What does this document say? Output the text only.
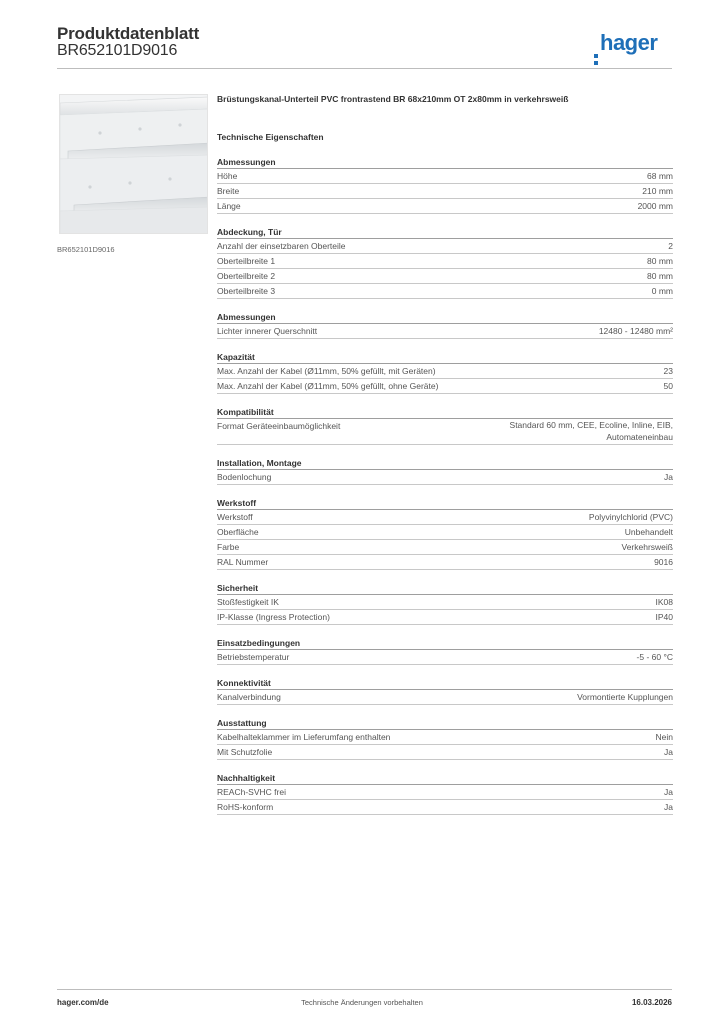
Produktdatenblatt
BR652101D9016	hager
BR652101D9016
Brüstungskanal-Unterteil PVC frontrastend BR 68x210mm OT 2x80mm in verkehrsweiß
Technische Eigenschaften
Abmessungen
Höhe	68 mm
Breite	210 mm
Länge	2000 mm
Abdeckung, Tür
Anzahl der einsetzbaren Oberteile	2
Oberteilbreite 1	80 mm
Oberteilbreite 2	80 mm
Oberteilbreite 3	0 mm
Abmessungen
Lichter innerer Querschnitt	12480 - 12480 mm²
Kapazität
Max. Anzahl der Kabel (Ø11mm, 50% gefüllt, mit Geräten)	23
Max. Anzahl der Kabel (Ø11mm, 50% gefüllt, ohne Geräte)	50
Kompatibilität
Format Geräteeinbaumöglichkeit	Standard 60 mm, CEE, Ecoline, Inline, EIB, Automateneinbau
Installation, Montage
Bodenlochung	Ja
Werkstoff
Werkstoff	Polyvinylchlorid (PVC)
Oberfläche	Unbehandelt
Farbe	Verkehrsweiß
RAL Nummer	9016
Sicherheit
Stoßfestigkeit IK	IK08
IP-Klasse (Ingress Protection)	IP40
Einsatzbedingungen
Betriebstemperatur	-5 - 60 °C
Konnektivität
Kanalverbindung	Vormontierte Kupplungen
Ausstattung
Kabelhalteklammer im Lieferumfang enthalten	Nein
Mit Schutzfolie	Ja
Nachhaltigkeit
REACh-SVHC frei	Ja
RoHS-konform	Ja
hager.com/de	Technische Änderungen vorbehalten	16.03.2026
